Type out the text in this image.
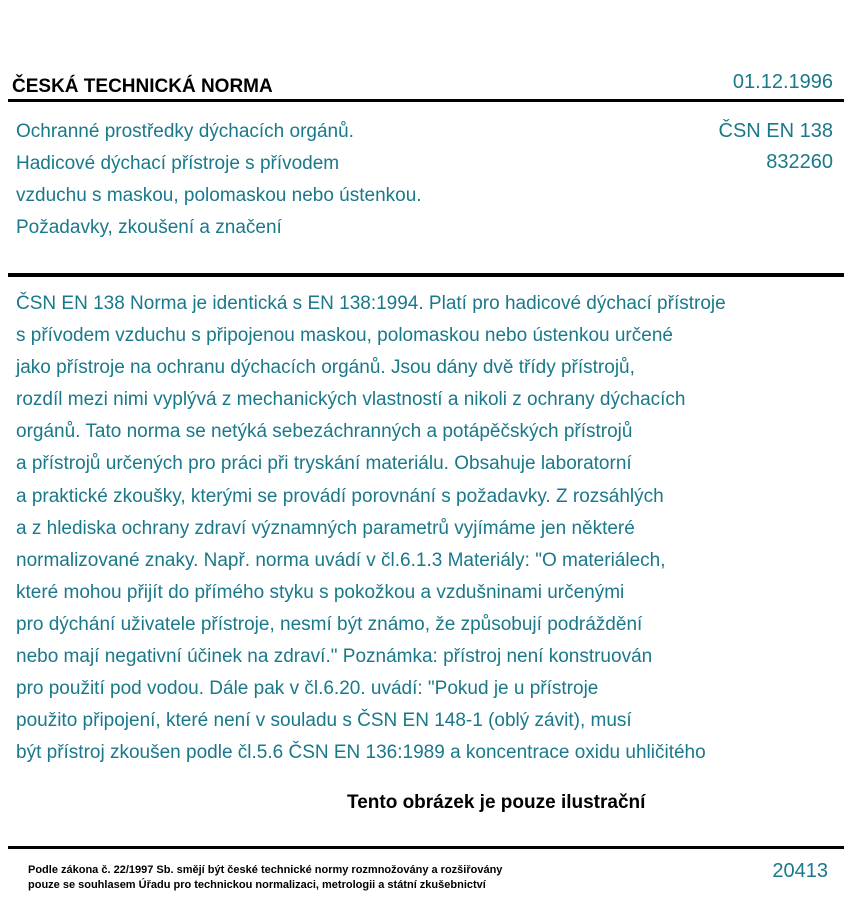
ČESKÁ TECHNICKÁ NORMA	01.12.1996
Ochranné prostředky dýchacích orgánů.
Hadicové dýchací přístroje s přívodem
vzduchu s maskou, polomaskou nebo ústenkou.
Požadavky, zkoušení a značení
ČSN EN 138
832260
ČSN EN 138 Norma je identická s EN 138:1994. Platí pro hadicové dýchací přístroje
s přívodem vzduchu s připojenou maskou, polomaskou nebo ústenkou určené
jako přístroje na ochranu dýchacích orgánů. Jsou dány dvě třídy přístrojů,
rozdíl mezi nimi vyplývá z mechanických vlastností a nikoli z ochrany dýchacích
orgánů. Tato norma se netýká sebezáchranných a potápěčských přístrojů
a přístrojů určených pro práci při tryskání materiálu. Obsahuje laboratorní
a praktické zkoušky, kterými se provádí porovnání s požadavky. Z rozsáhlých
a z hlediska ochrany zdraví významných parametrů vyjímáme jen některé
normalizované znaky. Např. norma uvádí v čl.6.1.3 Materiály: "O materiálech,
které mohou přijít do přímého styku s pokožkou a vzdušninami určenými
pro dýchání uživatele přístroje, nesmí být známo, že způsobují podráždění
nebo mají negativní účinek na zdraví." Poznámka: přístroj není konstruován
pro použití pod vodou. Dále pak v čl.6.20. uvádí: "Pokud je u přístroje
použito připojení, které není v souladu s ČSN EN 148-1 (oblý závit), musí
být přístroj zkoušen podle čl.5.6 ČSN EN 136:1989 a koncentrace oxidu uhličitého
Tento obrázek je pouze ilustrační
Podle zákona č. 22/1997 Sb. smějí být české technické normy rozmnožovány a rozšiřovány
pouze se souhlasem Úřadu pro technickou normalizaci, metrologii a státní zkušebnictví
20413
